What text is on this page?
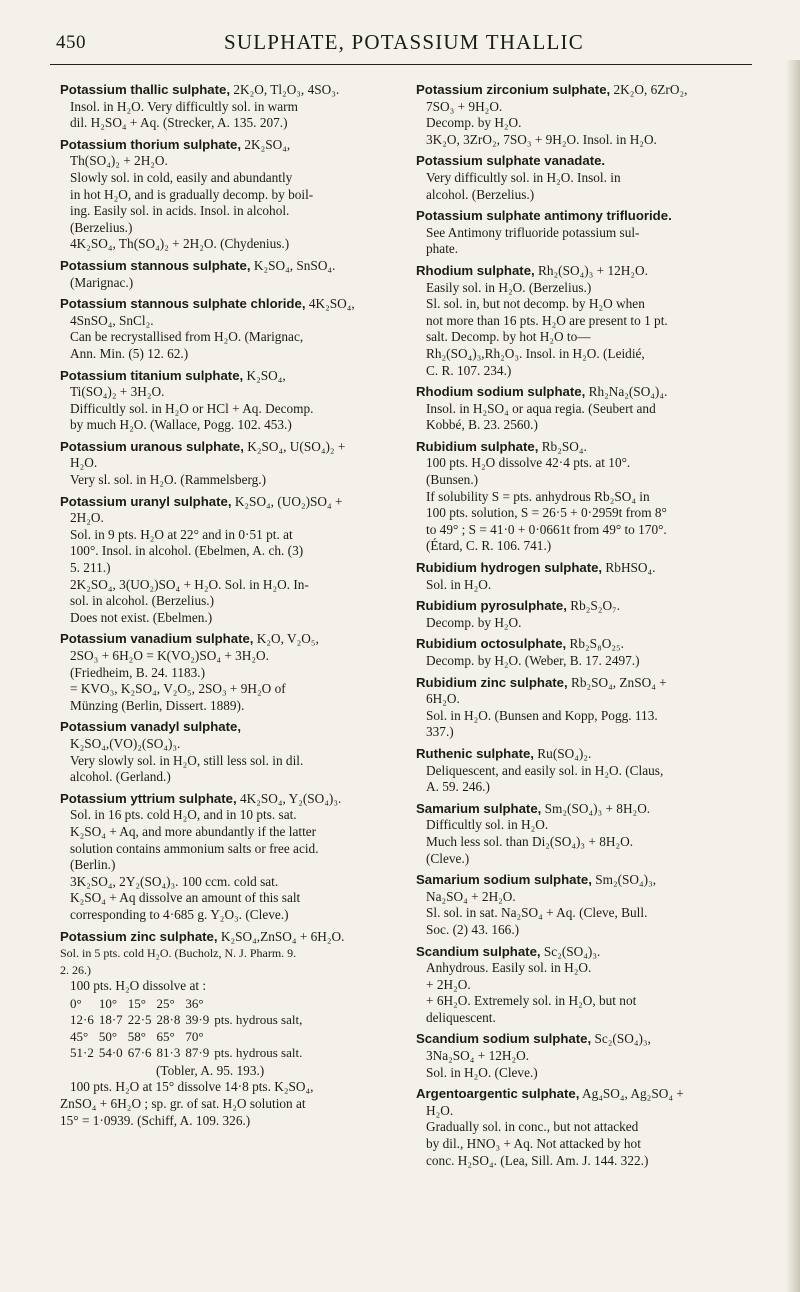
450	SULPHATE, POTASSIUM THALLIC

Potassium thallic sulphate, 2K₂O, Tl₂O₃, 4SO₃.

Insol. in H₂O. Very difficultly sol. in warm

dil. H₂SO₄ + Aq. (Strecker, A. 135. 207.)

Potassium thorium sulphate, 2K₂SO₄,

Th(SO₄)₂ + 2H₂O.

Slowly sol. in cold, easily and abundantly

in hot H₂O, and is gradually decomp. by boil-

ing. Easily sol. in acids. Insol. in alcohol.

(Berzelius.)

4K₂SO₄, Th(SO₄)₂ + 2H₂O. (Chydenius.)

Potassium stannous sulphate, K₂SO₄, SnSO₄.

(Marignac.)

Potassium stannous sulphate chloride, 4K₂SO₄,

4SnSO₄, SnCl₂.

Can be recrystallised from H₂O. (Marignac,

Ann. Min. (5) 12. 62.)

Potassium titanium sulphate, K₂SO₄,

Ti(SO₄)₂ + 3H₂O.

Difficultly sol. in H₂O or HCl + Aq. Decomp.

by much H₂O. (Wallace, Pogg. 102. 453.)

Potassium uranous sulphate, K₂SO₄, U(SO₄)₂ +

H₂O.

Very sl. sol. in H₂O. (Rammelsberg.)

Potassium uranyl sulphate, K₂SO₄, (UO₂)SO₄ +

2H₂O.

Sol. in 9 pts. H₂O at 22° and in 0·51 pt. at

100°. Insol. in alcohol. (Ebelmen, A. ch. (3)

5. 211.)

2K₂SO₄, 3(UO₂)SO₄ + H₂O. Sol. in H₂O. In-

sol. in alcohol. (Berzelius.)

Does not exist. (Ebelmen.)

Potassium vanadium sulphate, K₂O, V₂O₅,

2SO₃ + 6H₂O = K(VO₂)SO₄ + 3H₂O.

(Friedheim, B. 24. 1183.)

= KVO₃, K₂SO₄, V₂O₅, 2SO₃ + 9H₂O of

Münzing (Berlin, Dissert. 1889).

Potassium vanadyl sulphate,

K₂SO₄,(VO)₂(SO₄)₃.

Very slowly sol. in H₂O, still less sol. in dil.

alcohol. (Gerland.)

Potassium yttrium sulphate, 4K₂SO₄, Y₂(SO₄)₃.

Sol. in 16 pts. cold H₂O, and in 10 pts. sat.

K₂SO₄ + Aq, and more abundantly if the latter

solution contains ammonium salts or free acid.

(Berlin.)

3K₂SO₄, 2Y₂(SO₄)₃. 100 ccm. cold sat.

K₂SO₄ + Aq dissolve an amount of this salt

corresponding to 4·685 g. Y₂O₃. (Cleve.)

Potassium zinc sulphate, K₂SO₄,ZnSO₄ + 6H₂O.

Sol. in 5 pts. cold H₂O. (Bucholz, N. J. Pharm. 9.

2. 26.)

100 pts. H₂O dissolve at :

0°	10°	15°	25°	36°	
12·6	18·7	22·5	28·8	39·9	pts. hydrous salt,
45°	50°	58°	65°	70°	
51·2	54·0	67·6	81·3	87·9	pts. hydrous salt.

(Tobler, A. 95. 193.)

100 pts. H₂O at 15° dissolve 14·8 pts. K₂SO₄,

ZnSO₄ + 6H₂O ; sp. gr. of sat. H₂O solution at

15° = 1·0939. (Schiff, A. 109. 326.)

Potassium zirconium sulphate, 2K₂O, 6ZrO₂,

7SO₃ + 9H₂O.

Decomp. by H₂O.

3K₂O, 3ZrO₂, 7SO₃ + 9H₂O. Insol. in H₂O.

Potassium sulphate vanadate.

Very difficultly sol. in H₂O. Insol. in

alcohol. (Berzelius.)

Potassium sulphate antimony trifluoride.

See Antimony trifluoride potassium sul-

phate.

Rhodium sulphate, Rh₂(SO₄)₃ + 12H₂O.

Easily sol. in H₂O. (Berzelius.)

Sl. sol. in, but not decomp. by H₂O when

not more than 16 pts. H₂O are present to 1 pt.

salt. Decomp. by hot H₂O to—

Rh₂(SO₄)₃,Rh₂O₃. Insol. in H₂O. (Leidié,

C. R. 107. 234.)

Rhodium sodium sulphate, Rh₂Na₂(SO₄)₄.

Insol. in H₂SO₄ or aqua regia. (Seubert and

Kobbé, B. 23. 2560.)

Rubidium sulphate, Rb₂SO₄.

100 pts. H₂O dissolve 42·4 pts. at 10°.

(Bunsen.)

If solubility S = pts. anhydrous Rb₂SO₄ in

100 pts. solution, S = 26·5 + 0·2959t from 8°

to 49° ; S = 41·0 + 0·0661t from 49° to 170°.

(Étard, C. R. 106. 741.)

Rubidium hydrogen sulphate, RbHSO₄.

Sol. in H₂O.

Rubidium pyrosulphate, Rb₂S₂O₇.

Decomp. by H₂O.

Rubidium octosulphate, Rb₂S₈O₂₅.

Decomp. by H₂O. (Weber, B. 17. 2497.)

Rubidium zinc sulphate, Rb₂SO₄, ZnSO₄ +

6H₂O.

Sol. in H₂O. (Bunsen and Kopp, Pogg. 113.

337.)

Ruthenic sulphate, Ru(SO₄)₂.

Deliquescent, and easily sol. in H₂O. (Claus,

A. 59. 246.)

Samarium sulphate, Sm₂(SO₄)₃ + 8H₂O.

Difficultly sol. in H₂O.

Much less sol. than Di₂(SO₄)₃ + 8H₂O.

(Cleve.)

Samarium sodium sulphate, Sm₂(SO₄)₃,

Na₂SO₄ + 2H₂O.

Sl. sol. in sat. Na₂SO₄ + Aq. (Cleve, Bull.

Soc. (2) 43. 166.)

Scandium sulphate, Sc₂(SO₄)₃.

Anhydrous. Easily sol. in H₂O.

+ 2H₂O.

+ 6H₂O. Extremely sol. in H₂O, but not

deliquescent.

Scandium sodium sulphate, Sc₂(SO₄)₃,

3Na₂SO₄ + 12H₂O.

Sol. in H₂O. (Cleve.)

Argentoargentic sulphate, Ag₄SO₄, Ag₂SO₄ +

H₂O.

Gradually sol. in conc., but not attacked

by dil., HNO₃ + Aq. Not attacked by hot

conc. H₂SO₄. (Lea, Sill. Am. J. 144. 322.)
